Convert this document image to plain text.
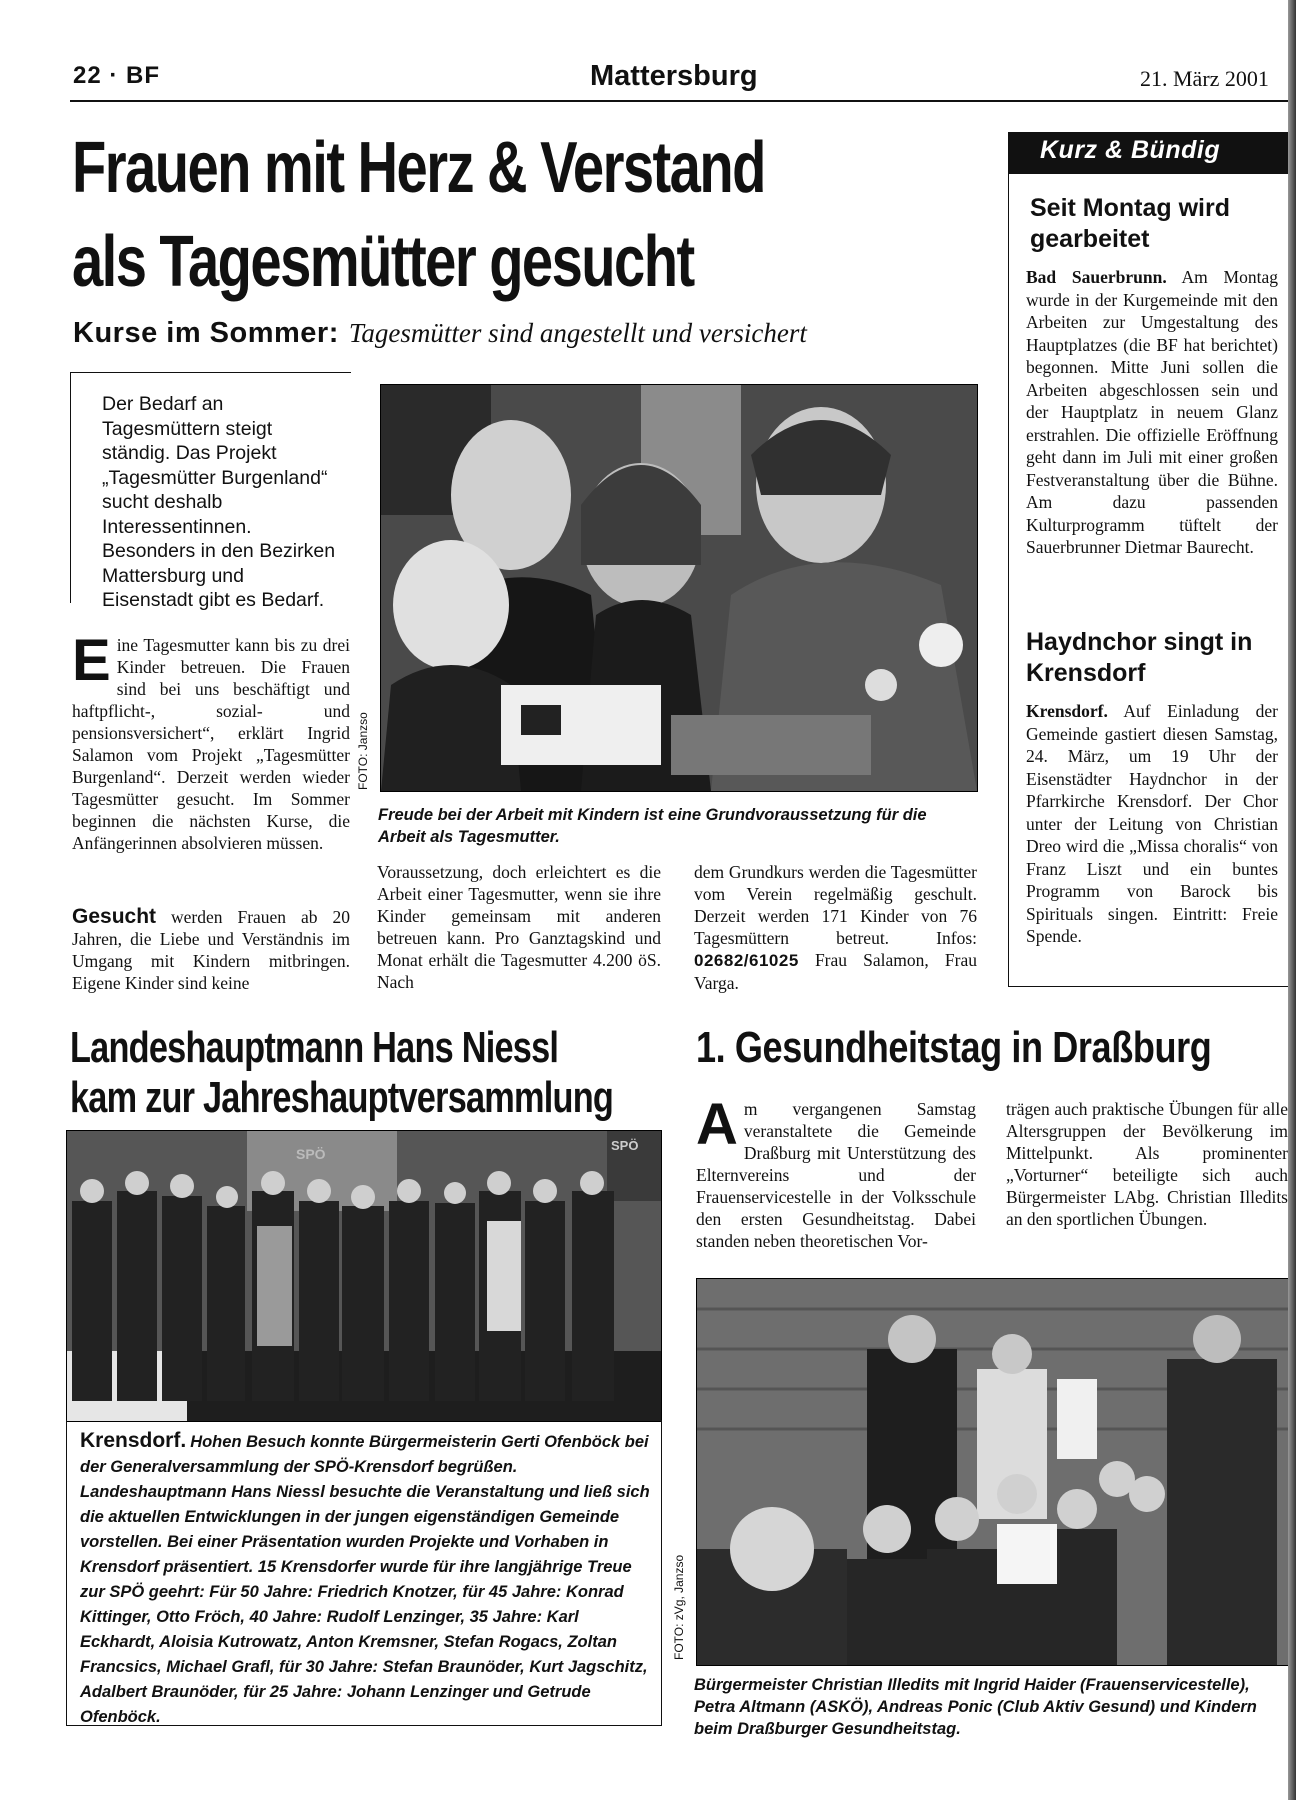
22 · BF	Mattersburg	21. März 2001
Frauen mit Herz & Verstand
als Tagesmütter gesucht
Kurse im Sommer: Tagesmütter sind angestellt und versichert
Der Bedarf an Tagesmüttern steigt ständig. Das Projekt „Tagesmütter Burgenland“ sucht deshalb Interessentinnen. Besonders in den Bezirken Mattersburg und Eisenstadt gibt es Bedarf.
FOTO: Janzso
Freude bei der Arbeit mit Kindern ist eine Grundvoraussetzung für die Arbeit als Tagesmutter.
Eine Tagesmutter kann bis zu drei Kinder betreuen. Die Frauen sind bei uns beschäftigt und haftpflicht-, sozial- und pensionsversichert“, erklärt Ingrid Salamon vom Projekt „Tagesmütter Burgenland“. Derzeit werden wieder Tagesmütter gesucht. Im Sommer beginnen die nächsten Kurse, die Anfängerinnen absolvieren müssen.
Gesucht werden Frauen ab 20 Jahren, die Liebe und Verständnis im Umgang mit Kindern mitbringen. Eigene Kinder sind keine
Voraussetzung, doch erleichtert es die Arbeit einer Tagesmutter, wenn sie ihre Kinder gemeinsam mit anderen betreuen kann. Pro Ganztagskind und Monat erhält die Tagesmutter 4.200 öS. Nach
dem Grundkurs werden die Tagesmütter vom Verein regelmäßig geschult. Derzeit werden 171 Kinder von 76 Tagesmüttern betreut. Infos: 02682/61025 Frau Salamon, Frau Varga.
Kurz & Bündig
Seit Montag wird gearbeitet
Bad Sauerbrunn. Am Montag wurde in der Kurgemeinde mit den Arbeiten zur Umgestaltung des Hauptplatzes (die BF hat berichtet) begonnen. Mitte Juni sollen die Arbeiten abgeschlossen sein und der Hauptplatz in neuem Glanz erstrahlen. Die offizielle Eröffnung geht dann im Juli mit einer großen Festveranstaltung über die Bühne. Am dazu passenden Kulturprogramm tüftelt der Sauerbrunner Dietmar Baurecht.
Haydnchor singt in Krensdorf
Krensdorf. Auf Einladung der Gemeinde gastiert diesen Samstag, 24. März, um 19 Uhr der Eisenstädter Haydnchor in der Pfarrkirche Krensdorf. Der Chor unter der Leitung von Christian Dreo wird die „Missa choralis“ von Franz Liszt und ein buntes Programm von Barock bis Spirituals singen. Eintritt: Freie Spende.
Landeshauptmann Hans Niessl
kam zur Jahreshauptversammlung
SPÖ
SPÖ
Krensdorf. Hohen Besuch konnte Bürgermeisterin Gerti Ofenböck bei der Generalversammlung der SPÖ-Krensdorf begrüßen. Landeshauptmann Hans Niessl besuchte die Veranstaltung und ließ sich die aktuellen Entwicklungen in der jungen eigenständigen Gemeinde vorstellen. Bei einer Präsentation wurden Projekte und Vorhaben in Krensdorf präsentiert. 15 Krensdorfer wurde für ihre langjährige Treue zur SPÖ geehrt: Für 50 Jahre: Friedrich Knotzer, für 45 Jahre: Konrad Kittinger, Otto Fröch, 40 Jahre: Rudolf Lenzinger, 35 Jahre: Karl Eckhardt, Aloisia Kutrowatz, Anton Kremsner, Stefan Rogacs, Zoltan Francsics, Michael Grafl, für 30 Jahre: Stefan Braunöder, Kurt Jagschitz, Adalbert Braunöder, für 25 Jahre: Johann Lenzinger und Getrude Ofenböck.
1. Gesundheitstag in Draßburg
Am vergangenen Samstag veranstaltete die Gemeinde Draßburg mit Unterstützung des Elternvereins und der Frauenservicestelle in der Volksschule den ersten Gesundheitstag. Dabei standen neben theoretischen Vor-
trägen auch praktische Übungen für alle Altersgruppen der Bevölkerung im Mittelpunkt. Als prominenter „Vorturner“ beteiligte sich auch Bürgermeister LAbg. Christian Illedits an den sportlichen Übungen.
FOTO: zVg, Janzso
Bürgermeister Christian Illedits mit Ingrid Haider (Frauenservicestelle), Petra Altmann (ASKÖ), Andreas Ponic (Club Aktiv Gesund) und Kindern beim Draßburger Gesundheitstag.
